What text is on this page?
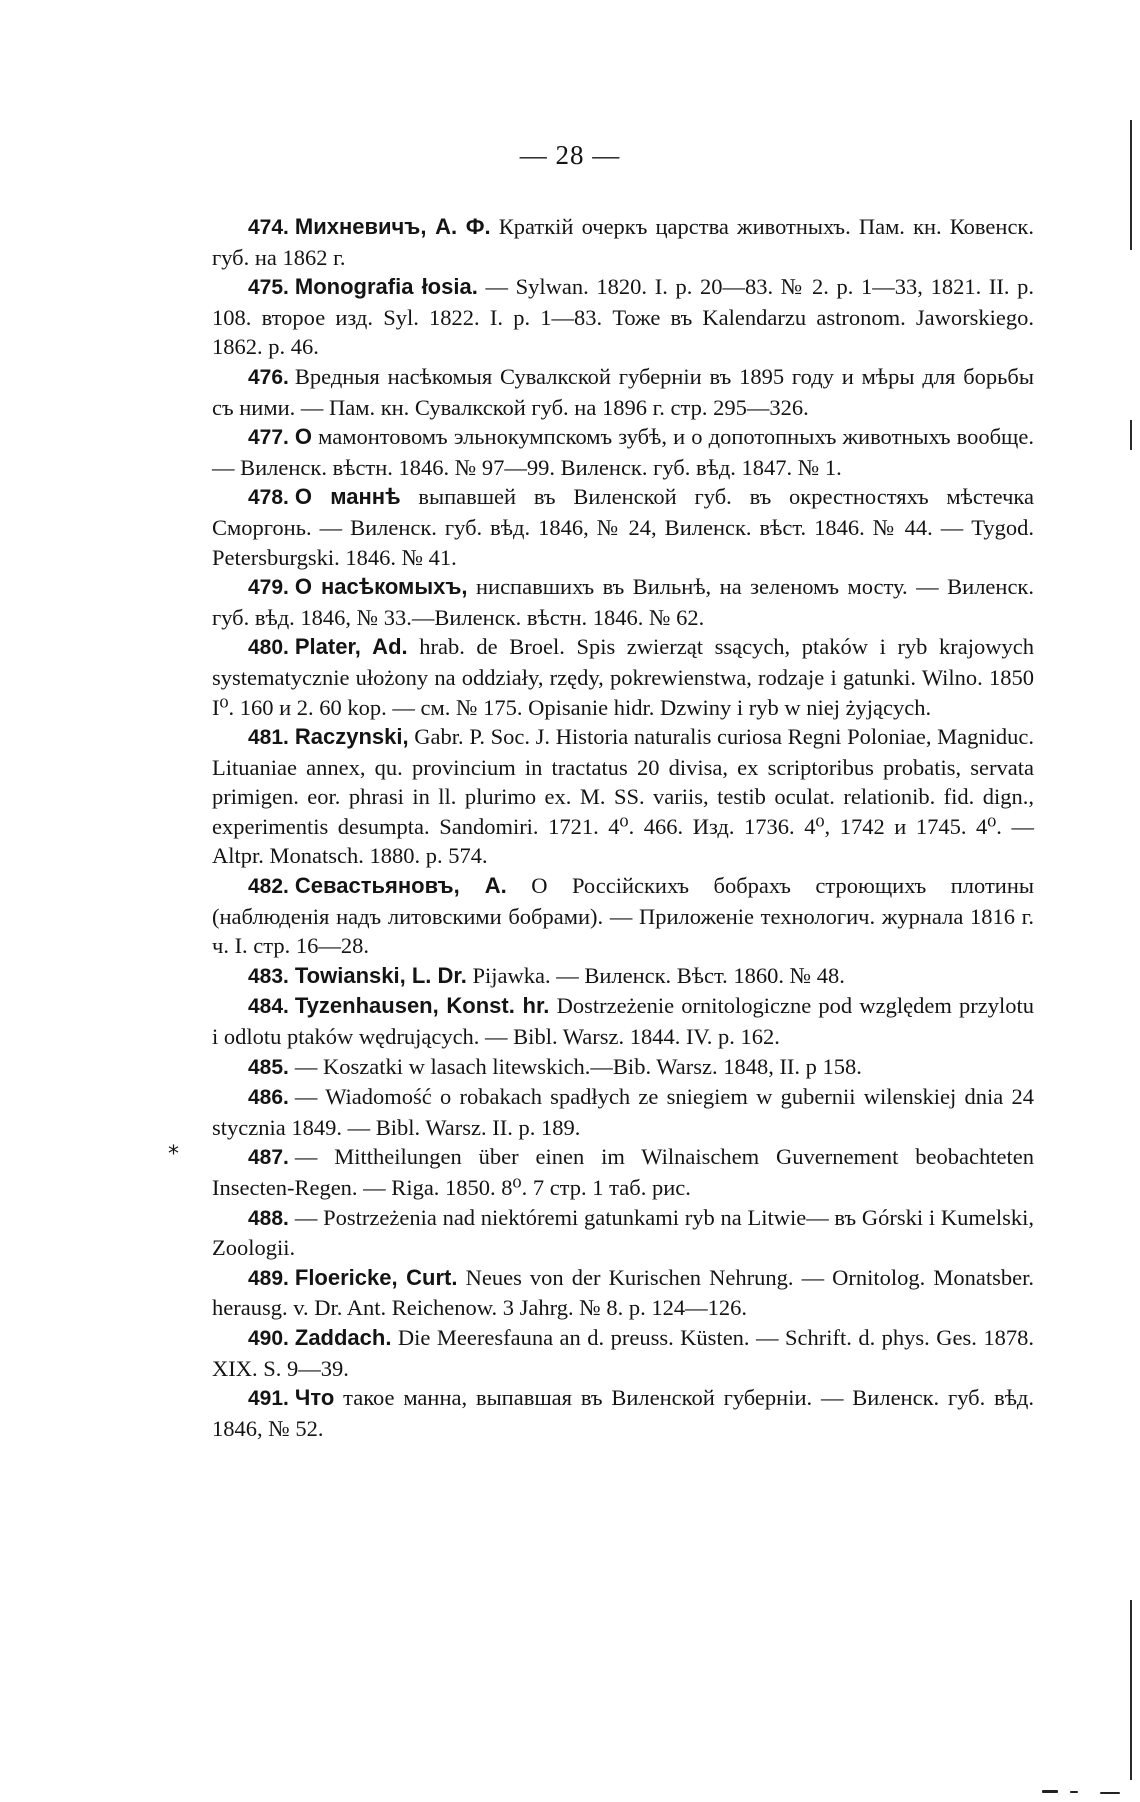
— 28 —

474. Михневичъ, А. Ф. Краткій очеркъ царства животныхъ. Пам. кн. Ковенск. губ. на 1862 г.

475. Monografia łosia. — Sylwan. 1820. I. p. 20—83. № 2. p. 1—33, 1821. II. p. 108. второе изд. Syl. 1822. I. p. 1—83. Тоже въ Kalendarzu astronom. Jaworskiego. 1862. p. 46.

476. Вредныя насѣкомыя Сувалкской губерніи въ 1895 году и мѣры для борьбы съ ними. — Пам. кн. Сувалкской губ. на 1896 г. стр. 295—326.

477. О мамонтовомъ эльнокумпскомъ зубѣ, и о допотопныхъ животныхъ вообще. — Виленск. вѣстн. 1846. № 97—99. Виленск. губ. вѣд. 1847. № 1.

478. О маннѣ выпавшей въ Виленской губ. въ окрестностяхъ мѣстечка Сморгонь. — Виленск. губ. вѣд. 1846, № 24, Виленск. вѣст. 1846. № 44. — Tygod. Petersburgski. 1846. № 41.

479. О насѣкомыхъ, ниспавшихъ въ Вильнѣ, на зеленомъ мосту. — Виленск. губ. вѣд. 1846, № 33.—Виленск. вѣстн. 1846. № 62.

480. Plater, Ad. hrab. de Broel. Spis zwierząt ssących, ptaków i ryb krajowych systematycznie ułożony na oddziały, rzędy, pokrewienstwa, rodzaje i gatunki. Wilno. 1850 I⁰. 160 и 2. 60 kop. — см. № 175. Opisanie hidr. Dzwiny i ryb w niej żyjących.

481. Raczynski, Gabr. P. Soc. J. Historia naturalis curiosa Regni Poloniae, Magniduc. Lituaniae annex, qu. provincium in tractatus 20 divisa, ex scriptoribus probatis, servata primigen. eor. phrasi in ll. plurimo ex. M. SS. variis, testib oculat. relationib. fid. dign., experimentis desumpta. Sandomiri. 1721. 4⁰. 466. Изд. 1736. 4⁰, 1742 и 1745. 4⁰. — Altpr. Monatsch. 1880. p. 574.

482. Севастьяновъ, А. О Россійскихъ бобрахъ строющихъ плотины (наблюденія надъ литовскими бобрами). — Приложеніе технологич. журнала 1816 г. ч. I. стр. 16—28.

483. Towianski, L. Dr. Pijawka. — Виленск. Вѣст. 1860. № 48.

484. Tyzenhausen, Konst. hr. Dostrzeżenie ornitologiczne pod względem przylotu i odlotu ptaków wędrujących. — Bibl. Warsz. 1844. IV. p. 162.

485. — Koszatki w lasach litewskich.—Bib. Warsz. 1848, II. p 158.

486. — Wiadomość o robakach spadłych ze sniegiem w gubernii wilenskiej dnia 24 stycznia 1849. — Bibl. Warsz. II. p. 189.

487. — Mittheilungen über einen im Wilnaischem Guvernement beobachteten Insecten-Regen. — Riga. 1850. 8⁰. 7 стр. 1 таб. рис.

488. — Postrzeżenia nad niektóremi gatunkami ryb na Litwie— въ Górski i Kumelski, Zoologii.

489. Floericke, Curt. Neues von der Kurischen Nehrung. — Ornitolog. Monatsber. herausg. v. Dr. Ant. Reichenow. 3 Jahrg. № 8. p. 124—126.

490. Zaddach. Die Meeresfauna an d. preuss. Küsten. — Schrift. d. phys. Ges. 1878. XIX. S. 9—39.

491. Что такое манна, выпавшая въ Виленской губерніи. — Виленск. губ. вѣд. 1846, № 52.

*
